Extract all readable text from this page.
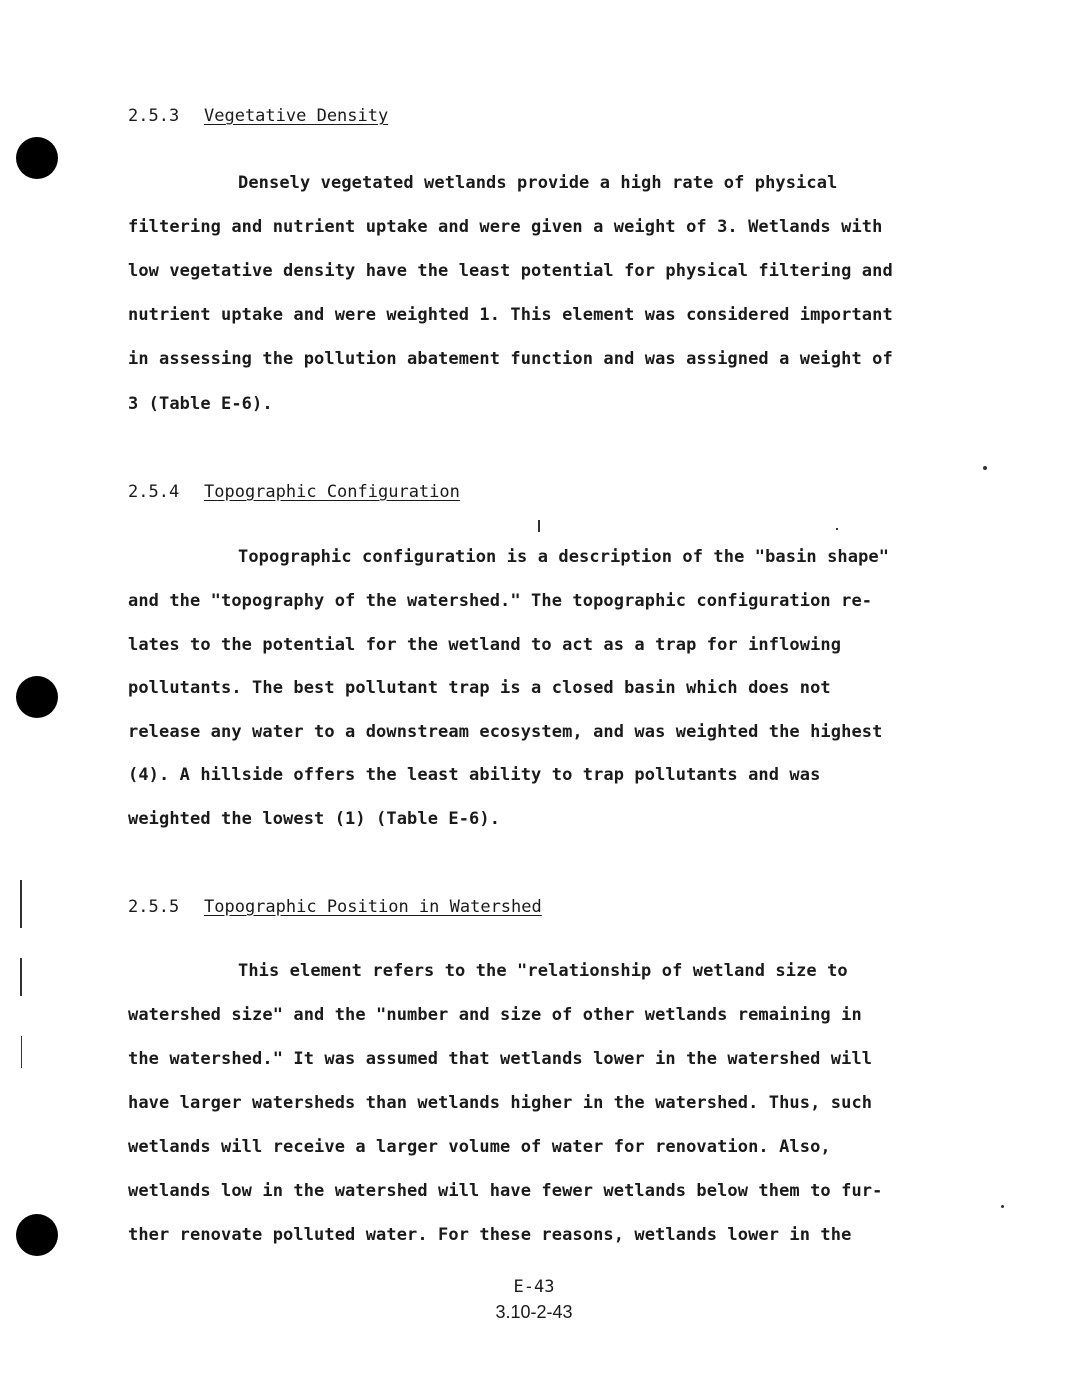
2.5.3 Vegetative Density
Densely vegetated wetlands provide a high rate of physical
filtering and nutrient uptake and were given a weight of 3. Wetlands with
low vegetative density have the least potential for physical filtering and
nutrient uptake and were weighted 1. This element was considered important
in assessing the pollution abatement function and was assigned a weight of
3 (Table E-6).
2.5.4 Topographic Configuration
Topographic configuration is a description of the "basin shape"
and the "topography of the watershed." The topographic configuration re-
lates to the potential for the wetland to act as a trap for inflowing
pollutants. The best pollutant trap is a closed basin which does not
release any water to a downstream ecosystem, and was weighted the highest
(4). A hillside offers the least ability to trap pollutants and was
weighted the lowest (1) (Table E-6).
2.5.5 Topographic Position in Watershed
This element refers to the "relationship of wetland size to
watershed size" and the "number and size of other wetlands remaining in
the watershed." It was assumed that wetlands lower in the watershed will
have larger watersheds than wetlands higher in the watershed. Thus, such
wetlands will receive a larger volume of water for renovation. Also,
wetlands low in the watershed will have fewer wetlands below them to fur-
ther renovate polluted water. For these reasons, wetlands lower in the
E-43
3.10-2-43
